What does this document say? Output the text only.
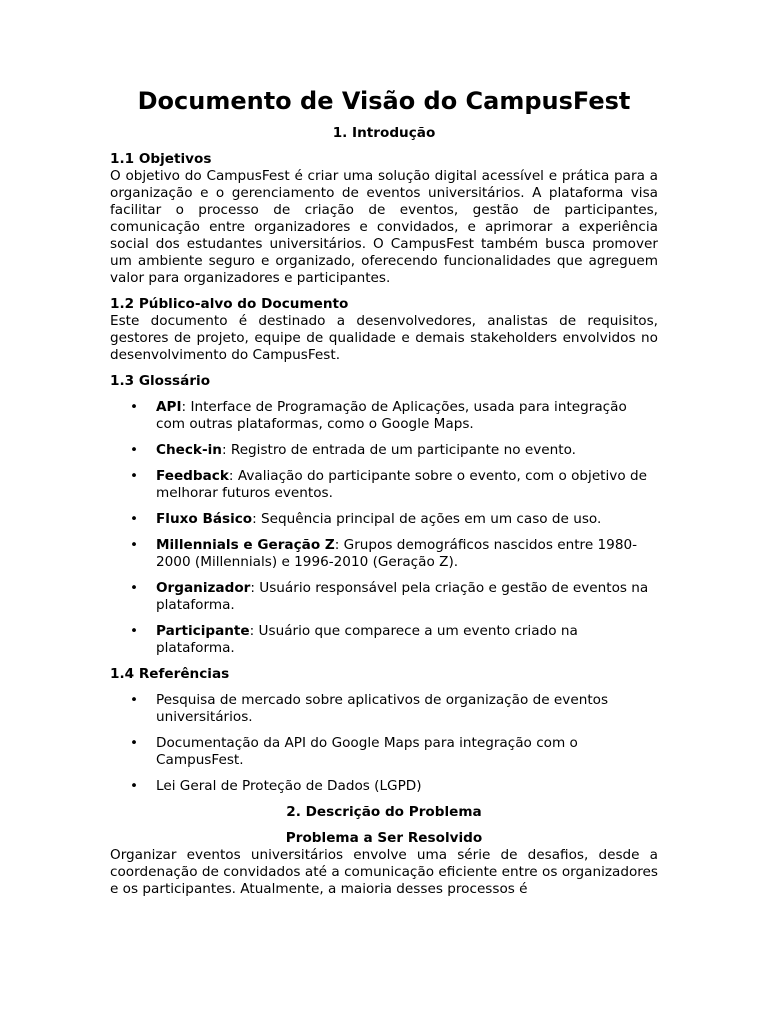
Documento de Visão do CampusFest
1. Introdução
1.1 Objetivos

O objetivo do CampusFest é criar uma solução digital acessível e prática para a organização e o gerenciamento de eventos universitários. A plataforma visa facilitar o processo de criação de eventos, gestão de participantes, comunicação entre organizadores e convidados, e aprimorar a experiência social dos estudantes universitários. O CampusFest também busca promover um ambiente seguro e organizado, oferecendo funcionalidades que agreguem valor para organizadores e participantes.

1.2 Público-alvo do Documento

Este documento é destinado a desenvolvedores, analistas de requisitos, gestores de projeto, equipe de qualidade e demais stakeholders envolvidos no desenvolvimento do CampusFest.

1.3 Glossário
• API: Interface de Programação de Aplicações, usada para integração com outras plataformas, como o Google Maps.
• Check-in: Registro de entrada de um participante no evento.
• Feedback: Avaliação do participante sobre o evento, com o objetivo de melhorar futuros eventos.
• Fluxo Básico: Sequência principal de ações em um caso de uso.
• Millennials e Geração Z: Grupos demográficos nascidos entre 1980-2000 (Millennials) e 1996-2010 (Geração Z).
• Organizador: Usuário responsável pela criação e gestão de eventos na plataforma.
• Participante: Usuário que comparece a um evento criado na plataforma.
1.4 Referências
• Pesquisa de mercado sobre aplicativos de organização de eventos universitários.
• Documentação da API do Google Maps para integração com o CampusFest.
• Lei Geral de Proteção de Dados (LGPD)
2. Descrição do Problema
Problema a Ser Resolvido

Organizar eventos universitários envolve uma série de desafios, desde a coordenação de convidados até a comunicação eficiente entre os organizadores e os participantes. Atualmente, a maioria desses processos é
